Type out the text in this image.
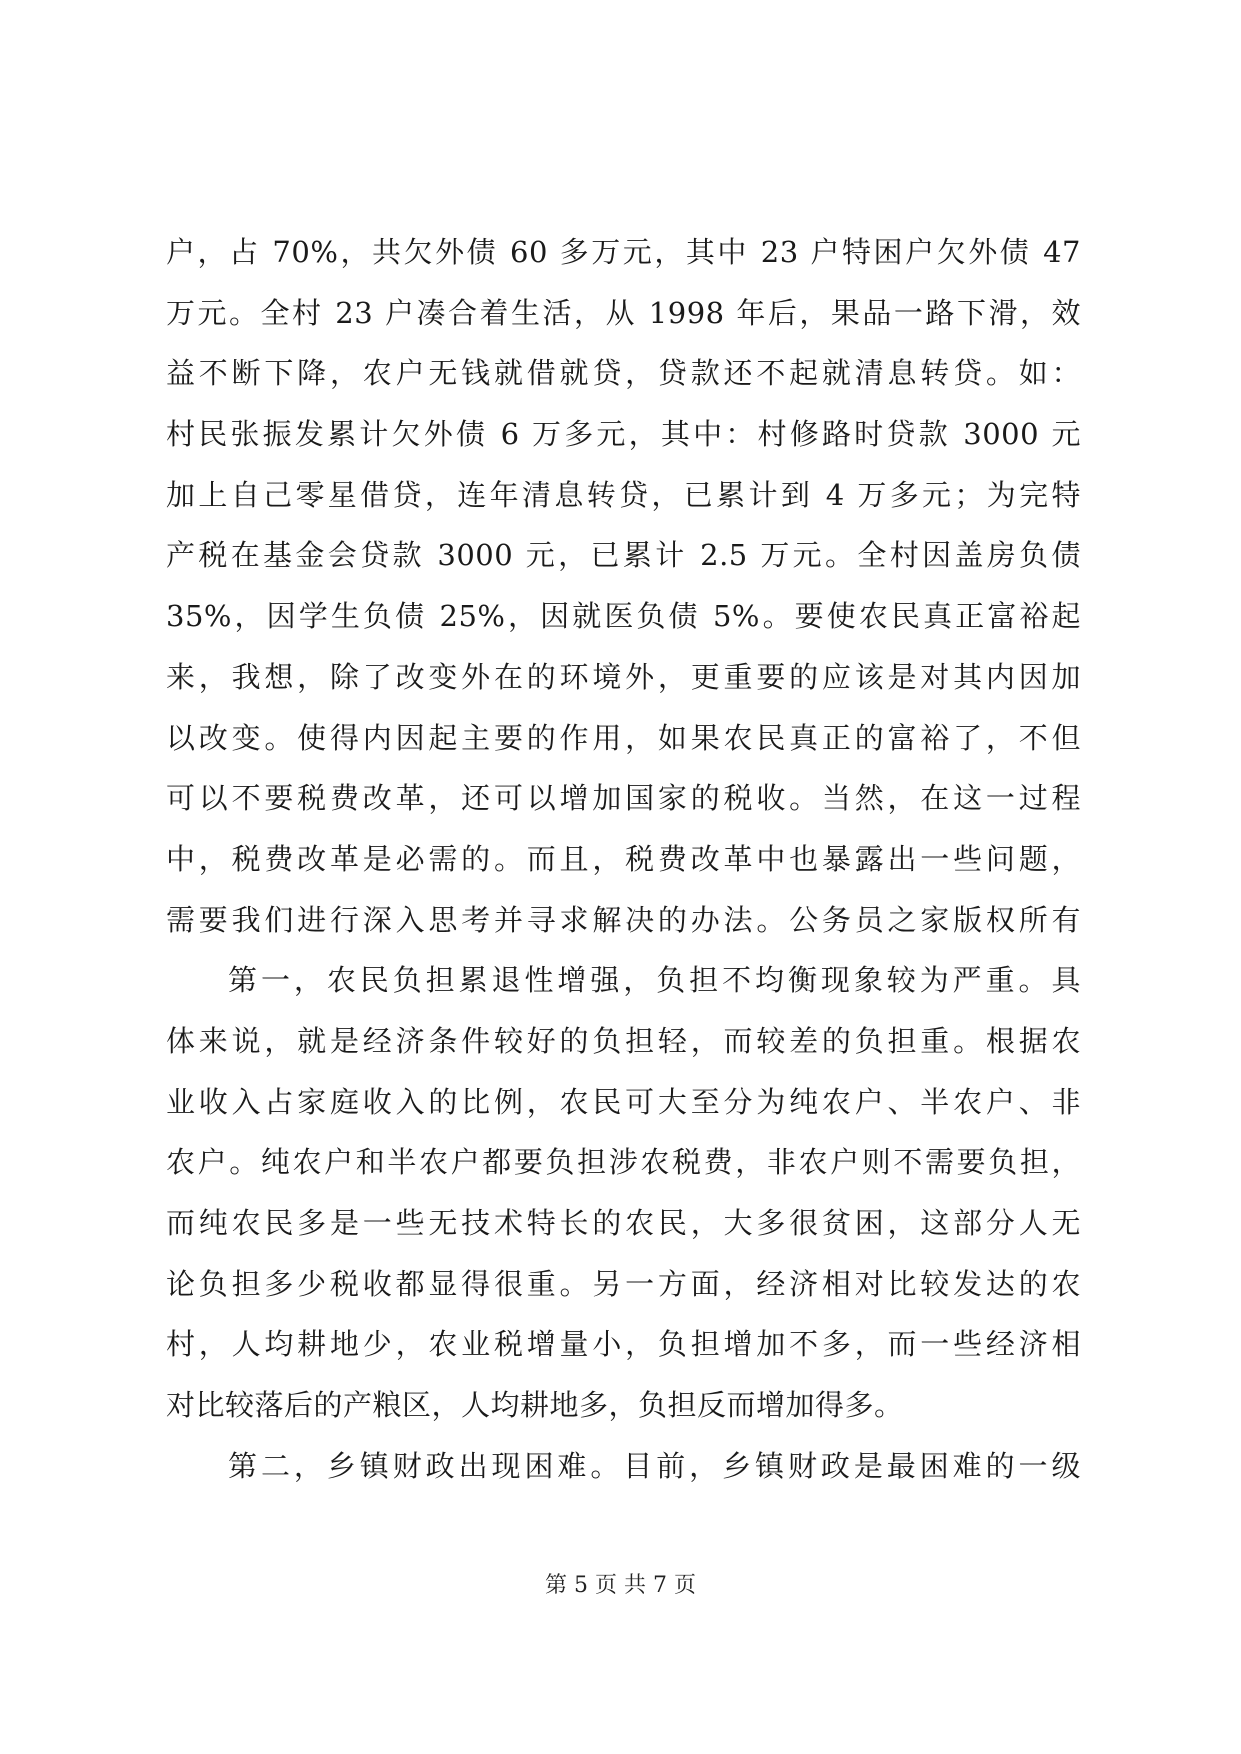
户，占 70%，共欠外债 60 多万元，其中 23 户特困户欠外债 47
万元。全村 23 户凑合着生活，从 1998 年后，果品一路下滑，效
益不断下降，农户无钱就借就贷，贷款还不起就清息转贷。如：
村民张振发累计欠外债 6 万多元，其中：村修路时贷款 3000 元
加上自己零星借贷，连年清息转贷，已累计到 4 万多元；为完特
产税在基金会贷款 3000 元，已累计 2.5 万元。全村因盖房负债
35%，因学生负债 25%，因就医负债 5%。要使农民真正富裕起
来，我想，除了改变外在的环境外，更重要的应该是对其内因加
以改变。使得内因起主要的作用，如果农民真正的富裕了，不但
可以不要税费改革，还可以增加国家的税收。当然，在这一过程
中，税费改革是必需的。而且，税费改革中也暴露出一些问题，
需要我们进行深入思考并寻求解决的办法。公务员之家版权所有
第一，农民负担累退性增强，负担不均衡现象较为严重。具
体来说，就是经济条件较好的负担轻，而较差的负担重。根据农
业收入占家庭收入的比例，农民可大至分为纯农户、半农户、非
农户。纯农户和半农户都要负担涉农税费，非农户则不需要负担，
而纯农民多是一些无技术特长的农民，大多很贫困，这部分人无
论负担多少税收都显得很重。另一方面，经济相对比较发达的农
村，人均耕地少，农业税增量小，负担增加不多，而一些经济相
对比较落后的产粮区，人均耕地多，负担反而增加得多。
第二，乡镇财政出现困难。目前，乡镇财政是最困难的一级
第 5 页 共 7 页
